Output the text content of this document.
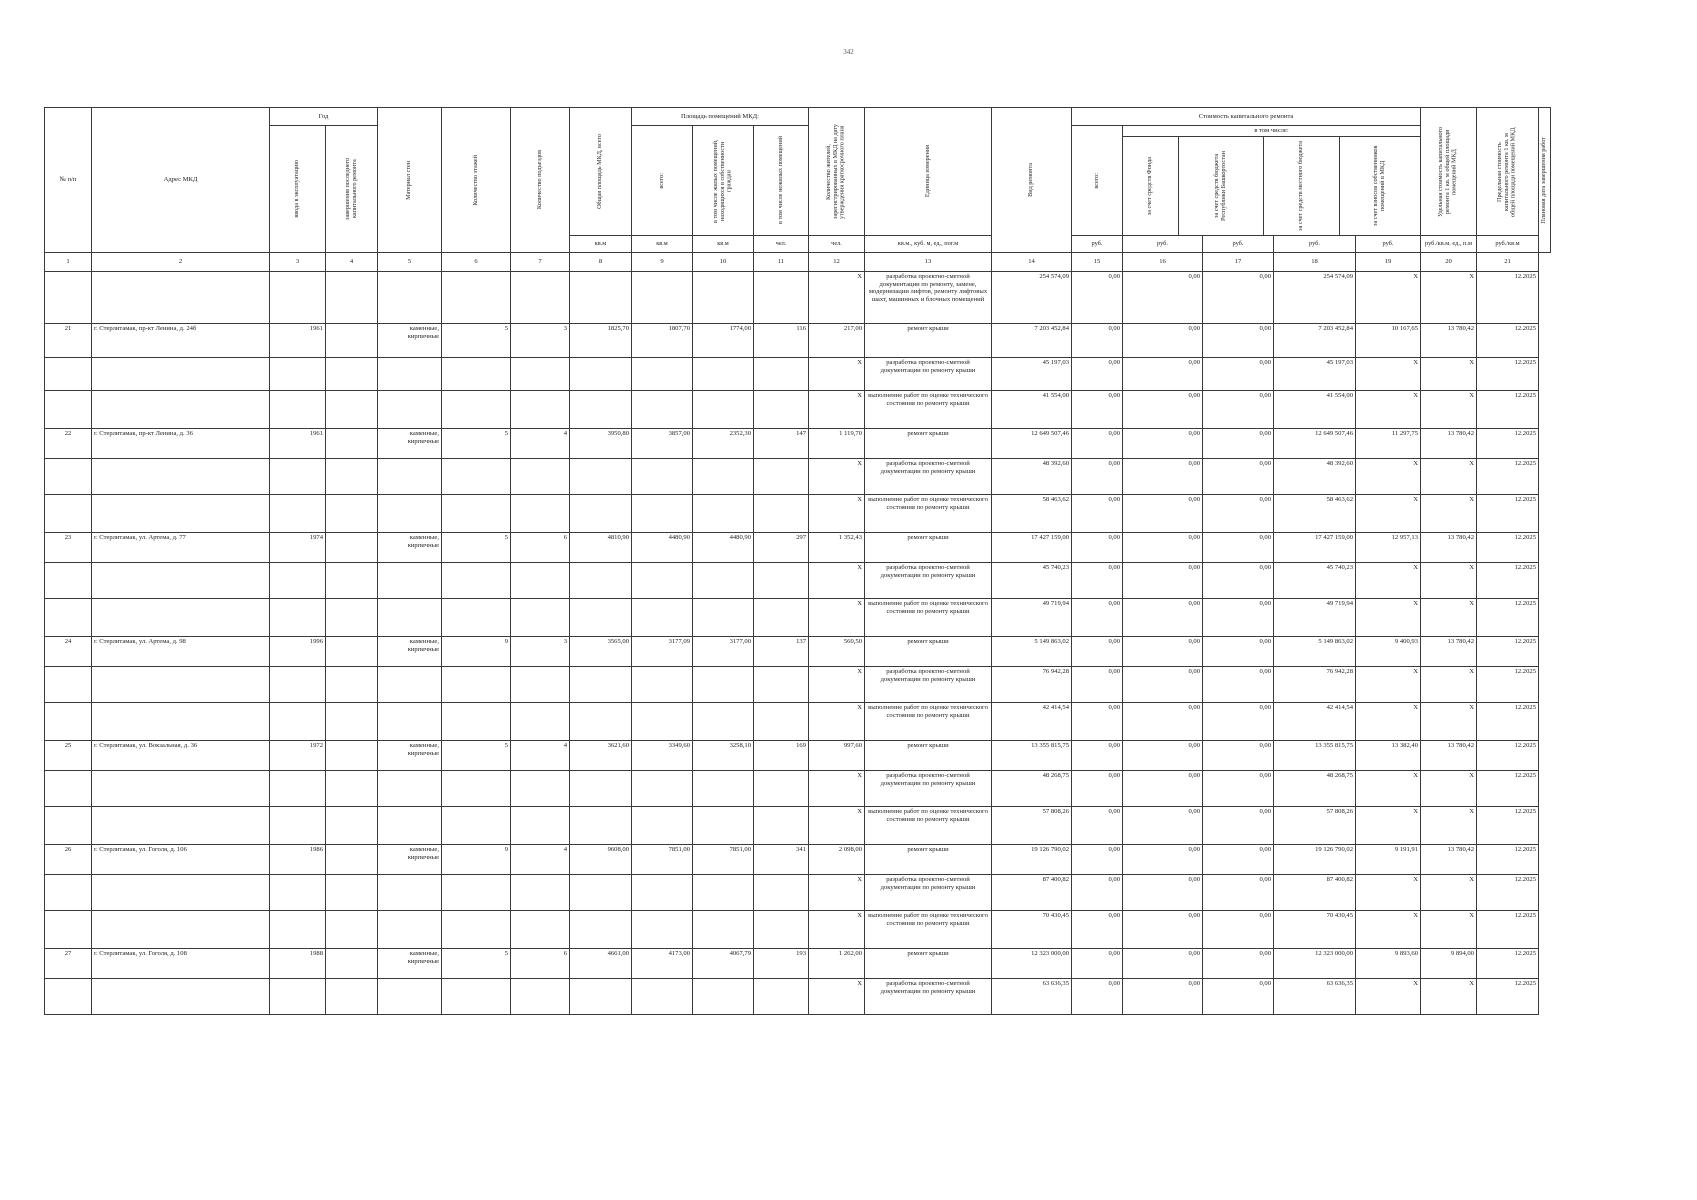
342
№ п/п	Адрес МКД	Год	
Материал стен	Количество этажей	Количество подъездов	Общая площадь МКД, всего
	Площадь помещений МКД:	
Количество жителей, зарегистрированных в МКД на дату утверждения краткосрочного плана	Единица измерения	Вид ремонта
	Стоимость капитального ремонта	
Удельная стоимость капитального ремонта 1 кв. м общей площади помещений МКД	Предельная стоимость капитального ремонта 1 кв. м общей площади помещений МКД	Плановая дата завершения работ

ввода в эксплуатацию	завершения последнего капитального ремонта	всего:	в том числе жилых помещений, находящихся в собственности граждан	в том числе нежилых помещений	всего:

в том числе:
за счет средств Фонда	за счет средств бюджета Республики Башкортостан	за счет средств местного бюджета	за счет взносов собственников помещений в МКД

кв.м	кв.м	кв.м	чел.	чел.	кв.м., куб. м, ед., пог.м	руб.	руб.	руб.	руб.	руб.	руб./кв.м. ед., п.м	руб./кв.м
1	2	3	4	5	6	7	8	9	10	11	12	13	14	15	16	17	18	19	20	21
											X	разработка проектно-сметной документации по ремонту, замене, модернизации лифтов, ремонту лифтовых шахт, машинных и блочных помещений	254 574,09	0,00	0,00	0,00	254 574,09	X	X	12.2025
21	г. Стерлитамак, пр-кт Ленина, д. 24б	1961		каменные, кирпичные	5	3	1825,70	1807,70	1774,00	116	217,00	ремонт крыши	7 203 452,84	0,00	0,00	0,00	7 203 452,84	10 167,65	13 780,42	12.2025
											X	разработка проектно-сметной документации по ремонту крыши	45 197,03	0,00	0,00	0,00	45 197,03	X	X	12.2025
											X	выполнение работ по оценке технического состояния по ремонту крыши	41 554,00	0,00	0,00	0,00	41 554,00	X	X	12.2025
22	г. Стерлитамак, пр-кт Ленина, д. 36	1961		каменные, кирпичные	5	4	3950,80	3857,00	2352,30	147	1 119,70	ремонт крыши	12 649 507,46	0,00	0,00	0,00	12 649 507,46	11 297,75	13 780,42	12.2025
											X	разработка проектно-сметной документации по ремонту крыши	48 392,60	0,00	0,00	0,00	48 392,60	X	X	12.2025
											X	выполнение работ по оценке технического состояния по ремонту крыши	58 463,62	0,00	0,00	0,00	58 463,62	X	X	12.2025
23	г. Стерлитамак, ул. Артема, д. 77	1974		каменные, кирпичные	5	6	4810,90	4480,90	4480,90	297	1 352,43	ремонт крыши	17 427 159,00	0,00	0,00	0,00	17 427 159,00	12 957,13	13 780,42	12.2025
											X	разработка проектно-сметной документации по ремонту крыши	45 740,23	0,00	0,00	0,00	45 740,23	X	X	12.2025
											X	выполнение работ по оценке технического состояния по ремонту крыши	49 719,94	0,00	0,00	0,00	49 719,94	X	X	12.2025
24	г. Стерлитамак, ул. Артема, д. 98	1996		каменные, кирпичные	9	3	3565,00	3177,09	3177,00	137	560,50	ремонт крыши	5 149 863,02	0,00	0,00	0,00	5 149 863,02	9 400,93	13 780,42	12.2025
											X	разработка проектно-сметной документации по ремонту крыши	76 942,28	0,00	0,00	0,00	76 942,28	X	X	12.2025
											X	выполнение работ по оценке технического состояния по ремонту крыши	42 414,54	0,00	0,00	0,00	42 414,54	X	X	12.2025
25	г. Стерлитамак, ул. Вокзальная, д. 36	1972		каменные, кирпичные	5	4	3621,60	3349,60	3258,10	169	997,60	ремонт крыши	13 355 815,75	0,00	0,00	0,00	13 355 815,75	13 382,40	13 780,42	12.2025
											X	разработка проектно-сметной документации по ремонту крыши	48 268,75	0,00	0,00	0,00	48 268,75	X	X	12.2025
											X	выполнение работ по оценке технического состояния по ремонту крыши	57 808,26	0,00	0,00	0,00	57 808,26	X	X	12.2025
26	г. Стерлитамак, ул. Гоголя, д. 106	1986		каменные, кирпичные	9	4	9608,00	7851,00	7851,00	341	2 098,00	ремонт крыши	19 126 790,02	0,00	0,00	0,00	19 126 790,02	9 191,91	13 780,42	12.2025
											X	разработка проектно-сметной документации по ремонту крыши	87 400,82	0,00	0,00	0,00	87 400,82	X	X	12.2025
											X	выполнение работ по оценке технического состояния по ремонту крыши	70 430,45	0,00	0,00	0,00	70 430,45	X	X	12.2025
27	г. Стерлитамак, ул. Гоголя, д. 108	1988		каменные, кирпичные	5	6	4661,00	4173,00	4067,79	193	1 262,00	ремонт крыши	12 323 000,00	0,00	0,00	0,00	12 323 000,00	9 893,60	9 894,00	12.2025
											X	разработка проектно-сметной документации по ремонту крыши	63 636,35	0,00	0,00	0,00	63 636,35	X	X	12.2025
